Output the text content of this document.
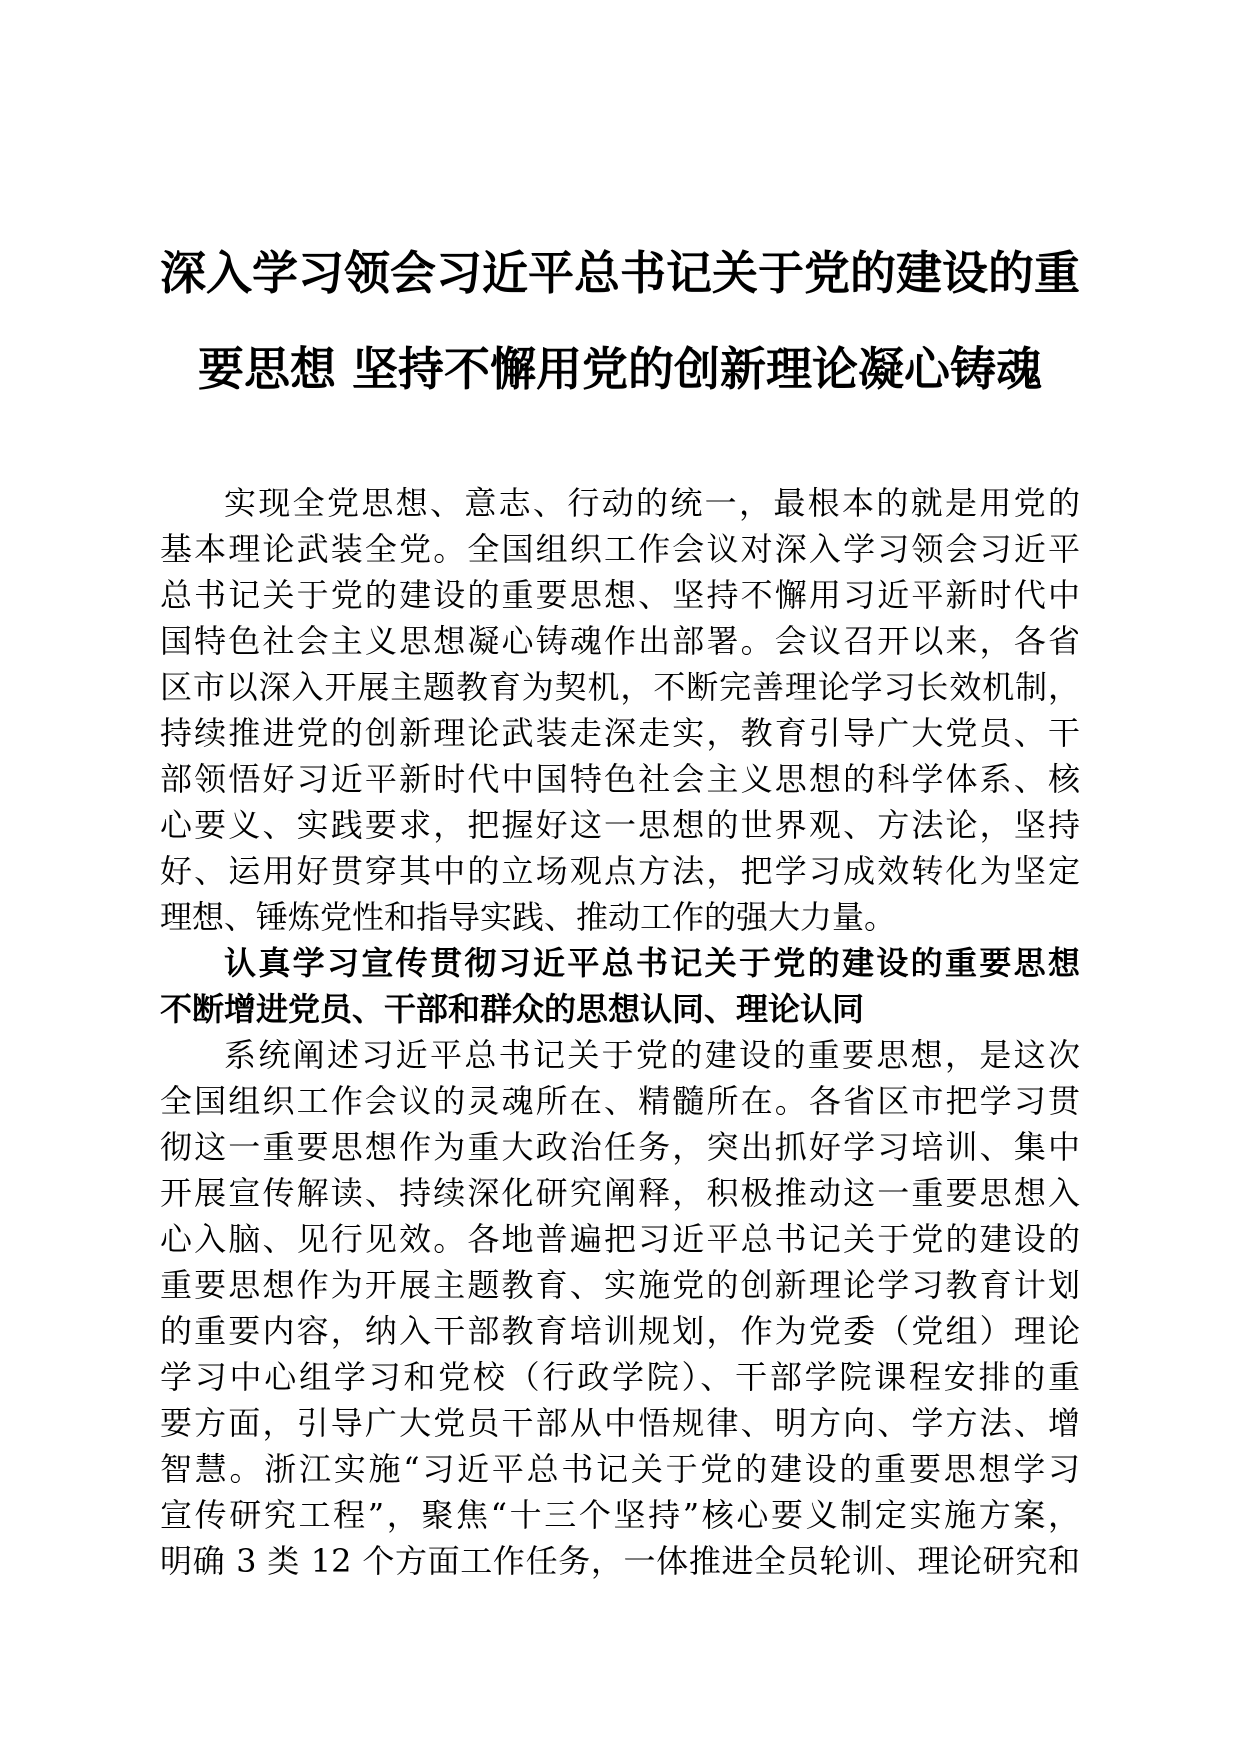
深入学习领会习近平总书记关于党的建设的重
要思想 坚持不懈用党的创新理论凝心铸魂

实现全党思想、意志、行动的统一，最根本的就是用党的
基本理论武装全党。全国组织工作会议对深入学习领会习近平
总书记关于党的建设的重要思想、坚持不懈用习近平新时代中
国特色社会主义思想凝心铸魂作出部署。会议召开以来，各省
区市以深入开展主题教育为契机，不断完善理论学习长效机制，
持续推进党的创新理论武装走深走实，教育引导广大党员、干
部领悟好习近平新时代中国特色社会主义思想的科学体系、核
心要义、实践要求，把握好这一思想的世界观、方法论，坚持
好、运用好贯穿其中的立场观点方法，把学习成效转化为坚定
理想、锤炼党性和指导实践、推动工作的强大力量。

认真学习宣传贯彻习近平总书记关于党的建设的重要思想
不断增进党员、干部和群众的思想认同、理论认同

系统阐述习近平总书记关于党的建设的重要思想，是这次
全国组织工作会议的灵魂所在、精髓所在。各省区市把学习贯
彻这一重要思想作为重大政治任务，突出抓好学习培训、集中
开展宣传解读、持续深化研究阐释，积极推动这一重要思想入
心入脑、见行见效。各地普遍把习近平总书记关于党的建设的
重要思想作为开展主题教育、实施党的创新理论学习教育计划
的重要内容，纳入干部教育培训规划，作为党委（党组）理论
学习中心组学习和党校（行政学院）、干部学院课程安排的重
要方面，引导广大党员干部从中悟规律、明方向、学方法、增
智慧。浙江实施“习近平总书记关于党的建设的重要思想学习
宣传研究工程”，聚焦“十三个坚持”核心要义制定实施方案，
明确 3 类 12 个方面工作任务，一体推进全员轮训、理论研究和
